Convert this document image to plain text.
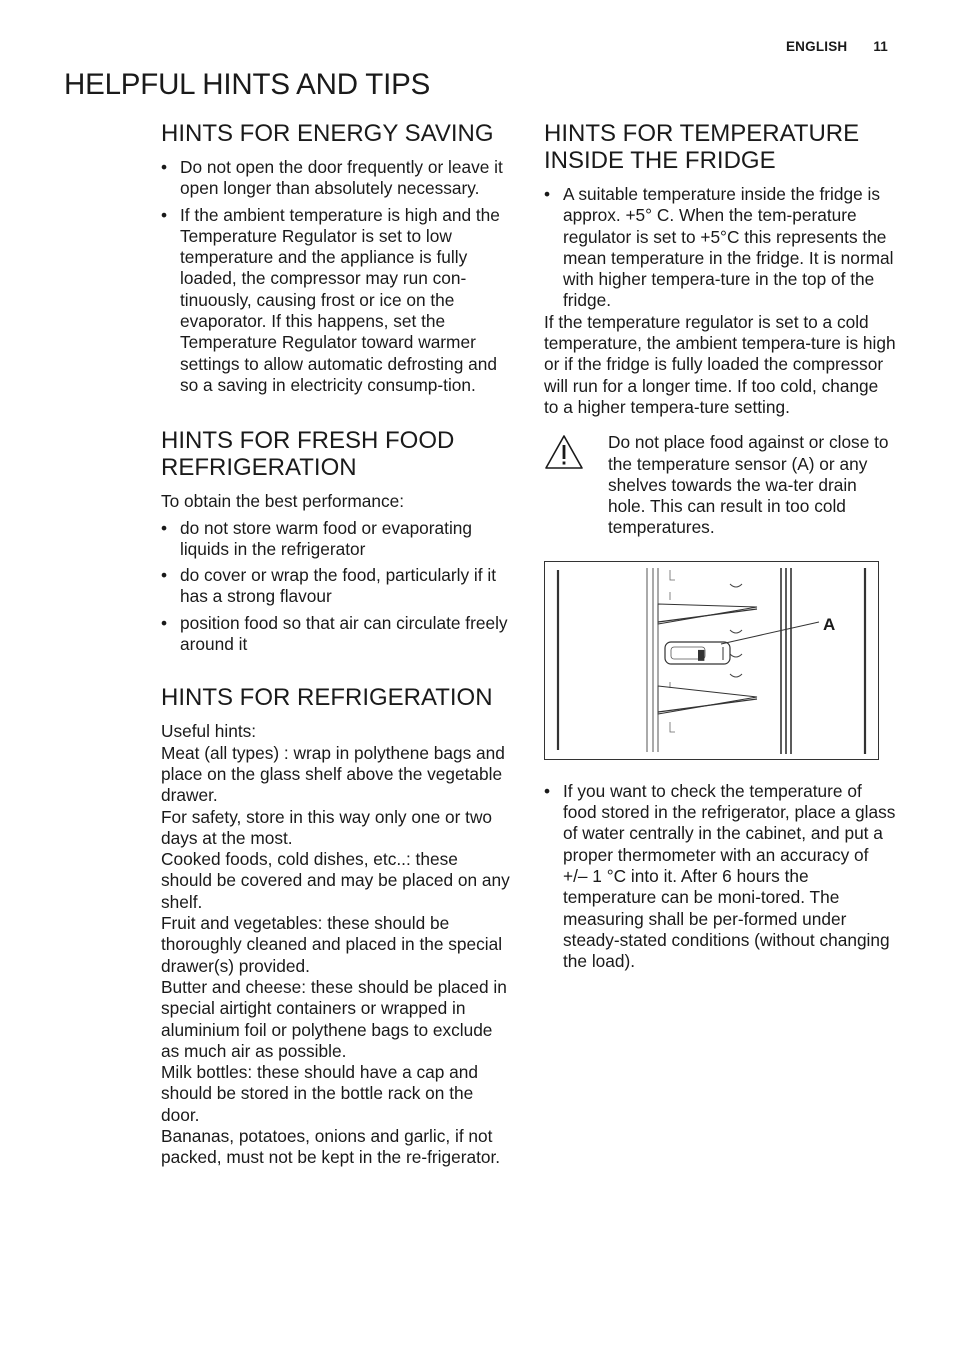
ENGLISH 11
HELPFUL HINTS AND TIPS
HINTS FOR ENERGY SAVING
• Do not open the door frequently or leave it open longer than absolutely necessary.
• If the ambient temperature is high and the Temperature Regulator is set to low temperature and the appliance is fully loaded, the compressor may run con-tinuously, causing frost or ice on the evaporator. If this happens, set the Temperature Regulator toward warmer settings to allow automatic defrosting and so a saving in electricity consump-tion.
HINTS FOR FRESH FOOD REFRIGERATION

To obtain the best performance:

• do not store warm food or evaporating liquids in the refrigerator
• do cover or wrap the food, particularly if it has a strong flavour
• position food so that air can circulate freely around it
HINTS FOR REFRIGERATION

Useful hints:

Meat (all types) : wrap in polythene bags and place on the glass shelf above the vegetable drawer.

For safety, store in this way only one or two days at the most.

Cooked foods, cold dishes, etc..: these should be covered and may be placed on any shelf.

Fruit and vegetables: these should be thoroughly cleaned and placed in the special drawer(s) provided.

Butter and cheese: these should be placed in special airtight containers or wrapped in aluminium foil or polythene bags to exclude as much air as possible.

Milk bottles: these should have a cap and should be stored in the bottle rack on the door.

Bananas, potatoes, onions and garlic, if not packed, must not be kept in the re-frigerator.

HINTS FOR TEMPERATURE INSIDE THE FRIDGE
• A suitable temperature inside the fridge is approx. +5° C. When the tem-perature regulator is set to +5°C this represents the mean temperature in the fridge. It is normal with higher tempera-ture in the top of the fridge.

If the temperature regulator is set to a cold temperature, the ambient tempera-ture is high or if the fridge is fully loaded the compressor will run for a longer time. If too cold, change to a higher tempera-ture setting.

Do not place food against or close to the temperature sensor (A) or any shelves towards the wa-ter drain hole. This can result in too cold temperatures.

█
A
• If you want to check the temperature of food stored in the refrigerator, place a glass of water centrally in the cabinet, and put a proper thermometer with an accuracy of +/– 1 °C into it. After 6 hours the temperature can be moni-tored. The measuring shall be per-formed under steady-stated conditions (without changing the load).
